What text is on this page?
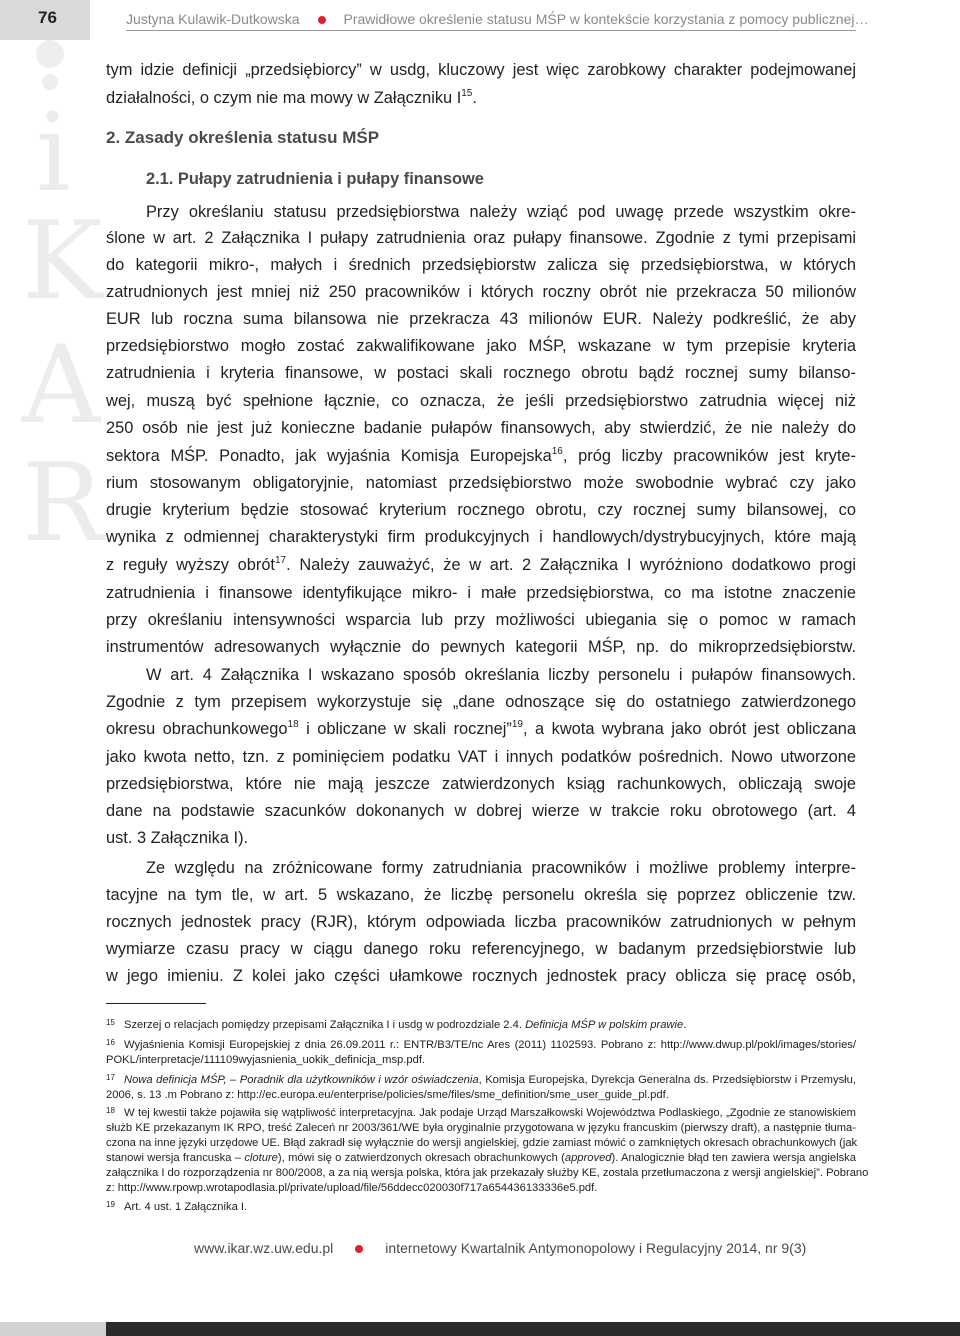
76	Justyna Kulawik-Dutkowska	Prawidłowe określenie statusu MŚP w kontekście korzystania z pomocy publicznej…
i
K
A
R
tym idzie definicji „przedsiębiorcy” w usdg, kluczowy jest więc zarobkowy charakter podejmowanej
działalności, o czym nie ma mowy w Załączniku $I^{15}$.
2. Zasady określenia statusu MŚP
2.1. Pułapy zatrudnienia i pułapy finansowe
Przy określaniu statusu przedsiębiorstwa należy wziąć pod uwagę przede wszystkim okre-
ślone w art. 2 Załącznika I pułapy zatrudnienia oraz pułapy finansowe. Zgodnie z tymi przepisami
do kategorii mikro-, małych i średnich przedsiębiorstw zalicza się przedsiębiorstwa, w których
zatrudnionych jest mniej niż 250 pracowników i których roczny obrót nie przekracza 50 milionów
EUR lub roczna suma bilansowa nie przekracza 43 milionów EUR. Należy podkreślić, że aby
przedsiębiorstwo mogło zostać zakwalifikowane jako MŚP, wskazane w tym przepisie kryteria
zatrudnienia i kryteria finansowe, w postaci skali rocznego obrotu bądź rocznej sumy bilanso-
wej, muszą być spełnione łącznie, co oznacza, że jeśli przedsiębiorstwo zatrudnia więcej niż
250 osób nie jest już konieczne badanie pułapów finansowych, aby stwierdzić, że nie należy do
sektora MŚP. Ponadto, jak wyjaśnia Komisja Europejska$^{16}$, próg liczby pracowników jest kryte-
rium stosowanym obligatoryjnie, natomiast przedsiębiorstwo może swobodnie wybrać czy jako
drugie kryterium będzie stosować kryterium rocznego obrotu, czy rocznej sumy bilansowej, co
wynika z odmiennej charakterystyki firm produkcyjnych i handlowych/dystrybucyjnych, które mają
z reguły wyższy obrót$^{17}$. Należy zauważyć, że w art. 2 Załącznika I wyróżniono dodatkowo progi
zatrudnienia i finansowe identyfikujące mikro- i małe przedsiębiorstwa, co ma istotne znaczenie
przy określaniu intensywności wsparcia lub przy możliwości ubiegania się o pomoc w ramach
instrumentów adresowanych wyłącznie do pewnych kategorii MŚP, np. do mikroprzedsiębiorstw.
W art. 4 Załącznika I wskazano sposób określania liczby personelu i pułapów finansowych.
Zgodnie z tym przepisem wykorzystuje się „dane odnoszące się do ostatniego zatwierdzonego
okresu obrachunkowego$^{18}$ i obliczane w skali rocznej”$^{19}$, a kwota wybrana jako obrót jest obliczana
jako kwota netto, tzn. z pominięciem podatku VAT i innych podatków pośrednich. Nowo utworzone
przedsiębiorstwa, które nie mają jeszcze zatwierdzonych ksiąg rachunkowych, obliczają swoje
dane na podstawie szacunków dokonanych w dobrej wierze w trakcie roku obrotowego (art. 4
ust. 3 Załącznika I).
Ze względu na zróżnicowane formy zatrudniania pracowników i możliwe problemy interpre-
tacyjne na tym tle, w art. 5 wskazano, że liczbę personelu określa się poprzez obliczenie tzw.
rocznych jednostek pracy (RJR), którym odpowiada liczba pracowników zatrudnionych w pełnym
wymiarze czasu pracy w ciągu danego roku referencyjnego, w badanym przedsiębiorstwie lub
w jego imieniu. Z kolei jako części ułamkowe rocznych jednostek pracy oblicza się pracę osób,
15 Szerzej o relacjach pomiędzy przepisami Załącznika I i usdg w podrozdziale 2.4. Definicja MŚP w polskim prawie.
16 Wyjaśnienia Komisji Europejskiej z dnia 26.09.2011 r.: ENTR/B3/TE/nc Ares (2011) 1102593. Pobrano z: http://www.dwup.pl/pokl/images/stories/
POKL/interpretacje/111109wyjasnienia_uokik_definicja_msp.pdf.
17 Nowa definicja MŚP, – Poradnik dla użytkowników i wzór oświadczenia, Komisja Europejska, Dyrekcja Generalna ds. Przedsiębiorstw i Przemysłu,
2006, s. 13 .m Pobrano z: http://ec.europa.eu/enterprise/policies/sme/files/sme_definition/sme_user_guide_pl.pdf.
18 W tej kwestii także pojawiła się wątpliwość interpretacyjna. Jak podaje Urząd Marszałkowski Województwa Podlaskiego, „Zgodnie ze stanowiskiem
służb KE przekazanym IK RPO, treść Zaleceń nr 2003/361/WE była oryginalnie przygotowana w języku francuskim (pierwszy draft), a następnie tłuma-
czona na inne języki urzędowe UE. Błąd zakradł się wyłącznie do wersji angielskiej, gdzie zamiast mówić o zamkniętych okresach obrachunkowych (jak
stanowi wersja francuska – cloture), mówi się o zatwierdzonych okresach obrachunkowych (approved). Analogicznie błąd ten zawiera wersja angielska
załącznika I do rozporządzenia nr 800/2008, a za nią wersja polska, która jak przekazały służby KE, zostala przetłumaczona z wersji angielskiej”. Pobrano
z: http://www.rpowp.wrotapodlasia.pl/private/upload/file/56ddecc020030f717a654436133336e5.pdf.
19 Art. 4 ust. 1 Załącznika I.
www.ikar.wz.uw.edu.pl	internetowy Kwartalnik Antymonopolowy i Regulacyjny 2014, nr 9(3)
